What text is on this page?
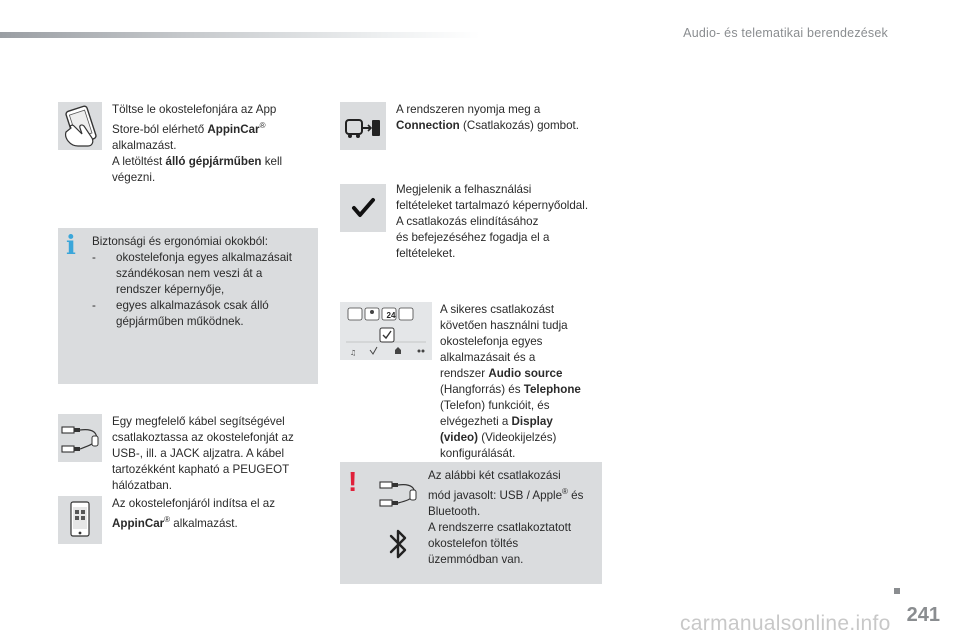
Audio- és telematikai berendezések
Töltse le okostelefonjára az App
Store-ból elérhető AppinCar®
alkalmazást.
A letöltést álló gépjárműben kell
végezni.
i	Biztonsági és ergonómiai okokból:
- okostelefonja egyes alkalmazásait
szándékosan nem veszi át a
rendszer képernyője,
- egyes alkalmazások csak álló
gépjárműben működnek.
Egy megfelelő kábel segítségével
csatlakoztassa az okostelefonját az
USB-, ill. a JACK aljzatra. A kábel
tartozékként kapható a PEUGEOT
hálózatban.
Az okostelefonjáról indítsa el az
AppinCar® alkalmazást.
A rendszeren nyomja meg a
Connection (Csatlakozás) gombot.
Megjelenik a felhasználási
feltételeket tartalmazó képernyőoldal.
A csatlakozás elindításához
és befejezéséhez fogadja el a
feltételeket.
♫
24	A sikeres csatlakozást
követően használni tudja
okostelefonja egyes
alkalmazásait és a
rendszer Audio source
(Hangforrás) és Telephone
(Telefon) funkcióit, és
elvégezheti a Display
(video) (Videokijelzés)
konfigurálását.
!	Az alábbi két csatlakozási
mód javasolt: USB / Apple® és
Bluetooth.
A rendszerre csatlakoztatott
okostelefon töltés
üzemmódban van.
241
carmanualsonline.info
